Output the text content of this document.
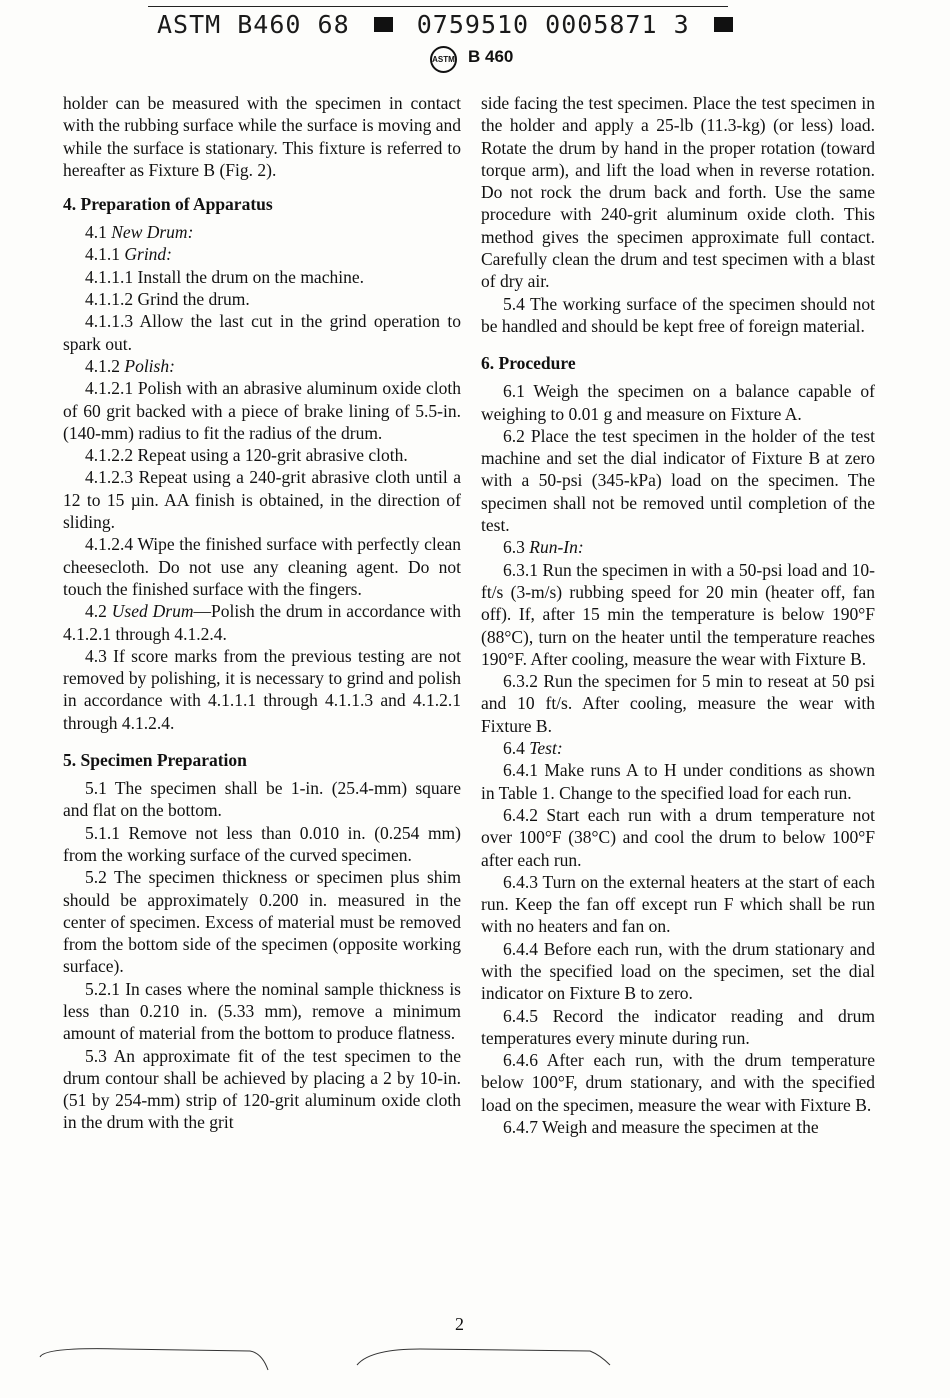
ASTM B460 68	0759510 0005871 3
ASTM B 460

holder can be measured with the specimen in contact with the rubbing surface while the surface is moving and while the surface is stationary. This fixture is referred to hereafter as Fixture B (Fig. 2).

4. Preparation of Apparatus

4.1 New Drum:

4.1.1 Grind:

4.1.1.1 Install the drum on the machine.

4.1.1.2 Grind the drum.

4.1.1.3 Allow the last cut in the grind operation to spark out.

4.1.2 Polish:

4.1.2.1 Polish with an abrasive aluminum oxide cloth of 60 grit backed with a piece of brake lining of 5.5-in. (140-mm) radius to fit the radius of the drum.

4.1.2.2 Repeat using a 120-grit abrasive cloth.

4.1.2.3 Repeat using a 240-grit abrasive cloth until a 12 to 15 µin. AA finish is obtained, in the direction of sliding.

4.1.2.4 Wipe the finished surface with perfectly clean cheesecloth. Do not use any cleaning agent. Do not touch the finished surface with the fingers.

4.2 Used Drum—Polish the drum in accordance with 4.1.2.1 through 4.1.2.4.

4.3 If score marks from the previous testing are not removed by polishing, it is necessary to grind and polish in accordance with 4.1.1.1 through 4.1.1.3 and 4.1.2.1 through 4.1.2.4.

5. Specimen Preparation

5.1 The specimen shall be 1-in. (25.4-mm) square and flat on the bottom.

5.1.1 Remove not less than 0.010 in. (0.254 mm) from the working surface of the curved specimen.

5.2 The specimen thickness or specimen plus shim should be approximately 0.200 in. measured in the center of specimen. Excess of material must be removed from the bottom side of the specimen (opposite working surface).

5.2.1 In cases where the nominal sample thickness is less than 0.210 in. (5.33 mm), remove a minimum amount of material from the bottom to produce flatness.

5.3 An approximate fit of the test specimen to the drum contour shall be achieved by placing a 2 by 10-in. (51 by 254-mm) strip of 120-grit aluminum oxide cloth in the drum with the grit

side facing the test specimen. Place the test specimen in the holder and apply a 25-lb (11.3-kg) (or less) load. Rotate the drum by hand in the proper rotation (toward torque arm), and lift the load when in reverse rotation. Do not rock the drum back and forth. Use the same procedure with 240-grit aluminum oxide cloth. This method gives the specimen approximate full contact. Carefully clean the drum and test specimen with a blast of dry air.

5.4 The working surface of the specimen should not be handled and should be kept free of foreign material.

6. Procedure

6.1 Weigh the specimen on a balance capable of weighing to 0.01 g and measure on Fixture A.

6.2 Place the test specimen in the holder of the test machine and set the dial indicator of Fixture B at zero with a 50-psi (345-kPa) load on the specimen. The specimen shall not be removed until completion of the test.

6.3 Run-In:

6.3.1 Run the specimen in with a 50-psi load and 10-ft/s (3-m/s) rubbing speed for 20 min (heater off, fan off). If, after 15 min the temperature is below 190°F (88°C), turn on the heater until the temperature reaches 190°F. After cooling, measure the wear with Fixture B.

6.3.2 Run the specimen for 5 min to reseat at 50 psi and 10 ft/s. After cooling, measure the wear with Fixture B.

6.4 Test:

6.4.1 Make runs A to H under conditions as shown in Table 1. Change to the specified load for each run.

6.4.2 Start each run with a drum temperature not over 100°F (38°C) and cool the drum to below 100°F after each run.

6.4.3 Turn on the external heaters at the start of each run. Keep the fan off except run F which shall be run with no heaters and fan on.

6.4.4 Before each run, with the drum stationary and with the specified load on the specimen, set the dial indicator on Fixture B to zero.

6.4.5 Record the indicator reading and drum temperatures every minute during run.

6.4.6 After each run, with the drum temperature below 100°F, drum stationary, and with the specified load on the specimen, measure the wear with Fixture B.

6.4.7 Weigh and measure the specimen at the

2
